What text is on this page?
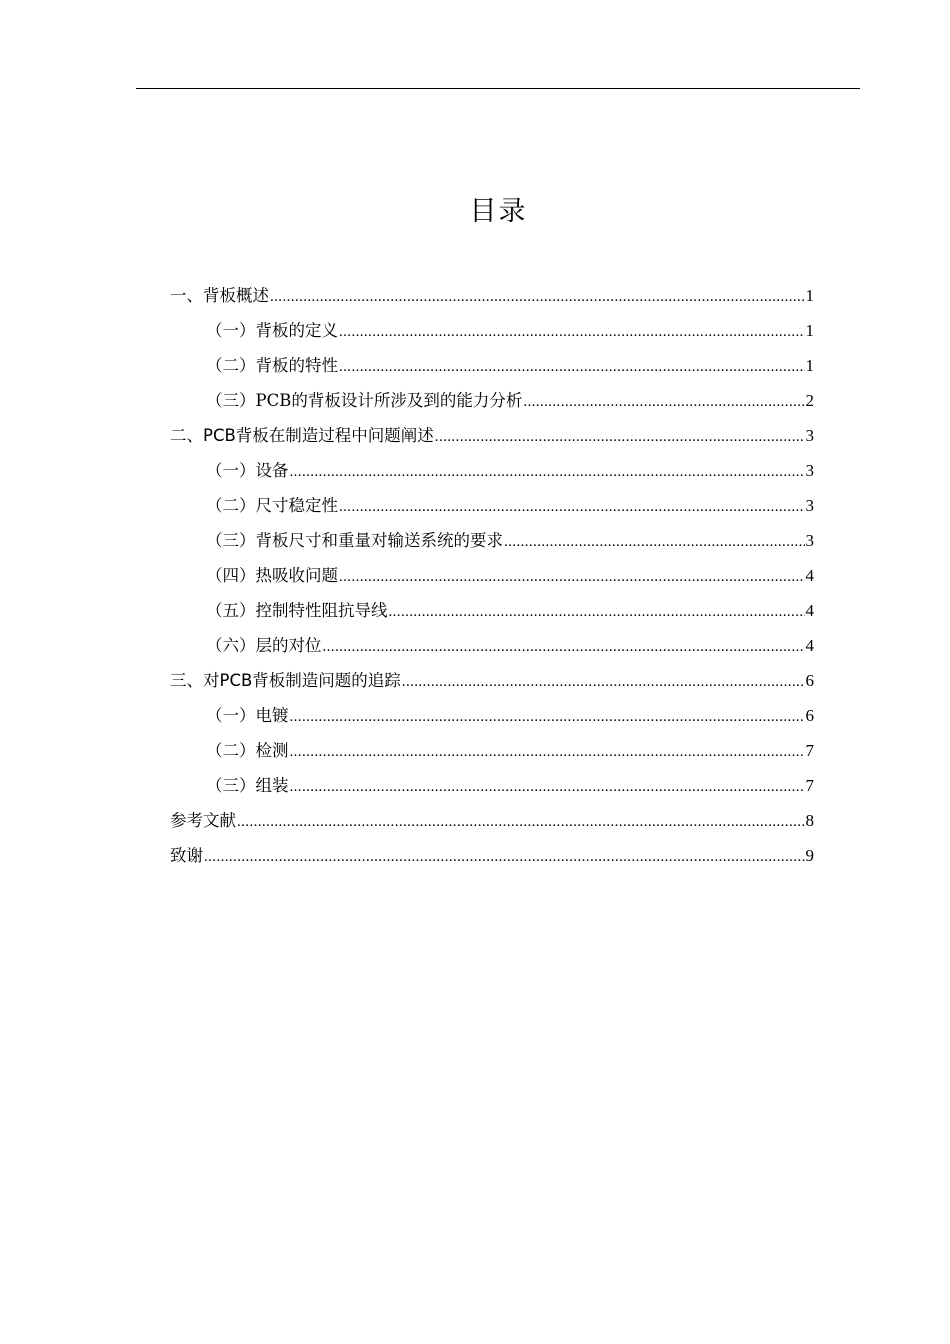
目录
一、背板概述 .....	1
（一）背板的定义 .....	1
（二）背板的特性 .....	1
（三）PCB的背板设计所涉及到的能力分析 .....	2
二、PCB背板在制造过程中问题阐述 .....	3
（一）设备 .....	3
（二）尺寸稳定性 .....	3
（三）背板尺寸和重量对输送系统的要求 .....	3
（四）热吸收问题 .....	4
（五）控制特性阻抗导线 .....	4
（六）层的对位 .....	4
三、对PCB背板制造问题的追踪 .....	6
（一）电镀 .....	6
（二）检测 .....	7
（三）组装 .....	7
参考文献 .....	8
致谢 .....	9
